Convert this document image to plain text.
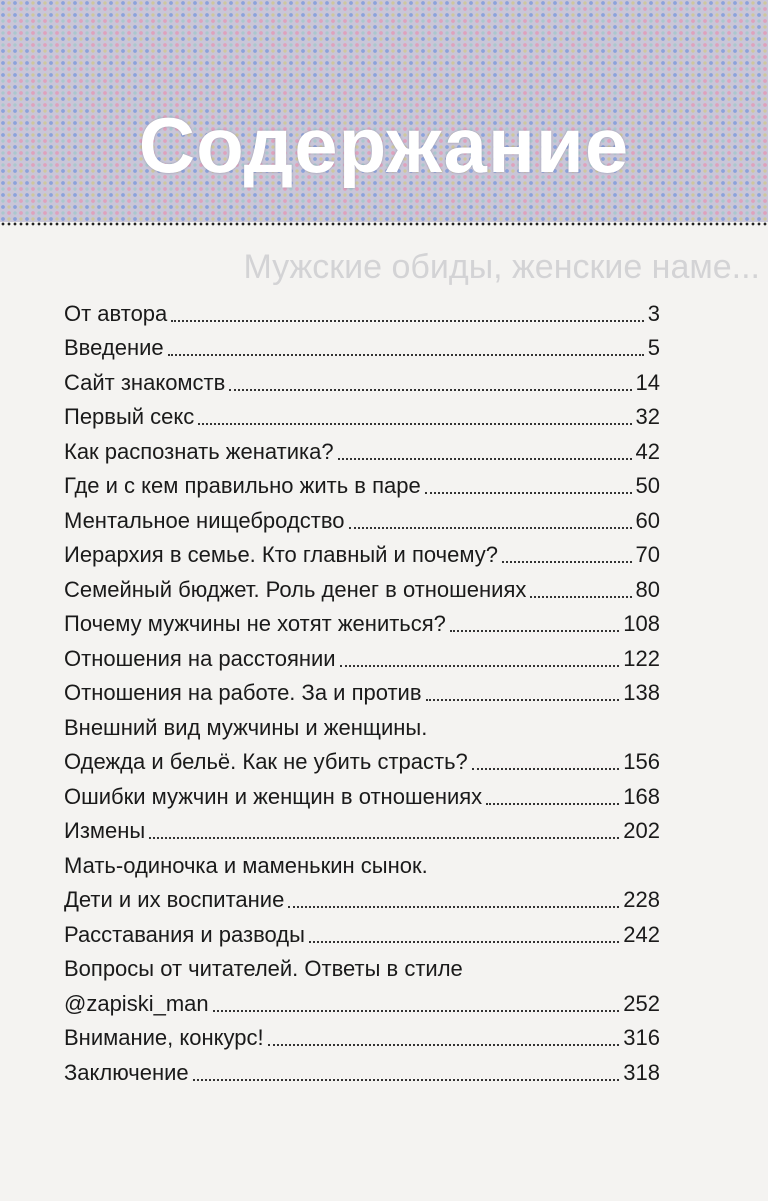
Содержание
Мужские обиды, женские наме...
От автора	3
Введение	5
Сайт знакомств	14
Первый секс	32
Как распознать женатика?	42
Где и с кем правильно жить в паре	50
Ментальное нищебродство	60
Иерархия в семье. Кто главный и почему?	70
Семейный бюджет. Роль денег в отношениях	80
Почему мужчины не хотят жениться?	108
Отношения на расстоянии	122
Отношения на работе. За и против	138
Внешний вид мужчины и женщины.
Одежда и бельё. Как не убить страсть?	156
Ошибки мужчин и женщин в отношениях	168
Измены	202
Мать-одиночка и маменькин сынок.
Дети и их воспитание	228
Расставания и разводы	242
Вопросы от читателей. Ответы в стиле
@zapiski_man	252
Внимание, конкурс!	316
Заключение	318
